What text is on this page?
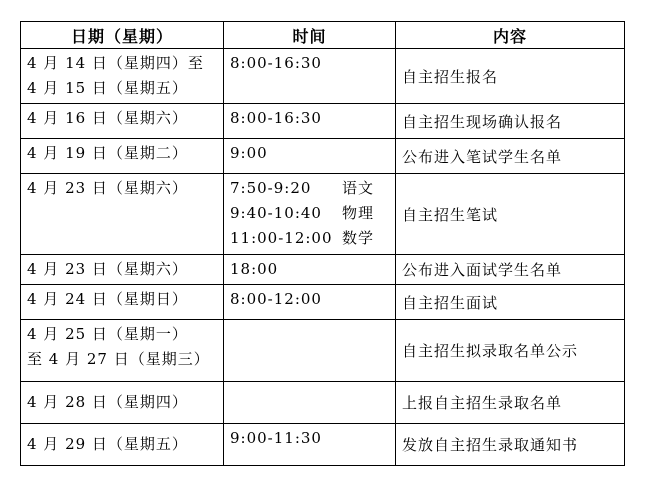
日期（星期）	时间	内容

4 月 14 日（星期四）至
4 月 15 日（星期五）	8:00-16:30	自主招生报名

4 月 16 日（星期六）	8:00-16:30	自主招生现场确认报名

4 月 19 日（星期二）	9:00	公布进入笔试学生名单

4 月 23 日（星期六）	7:50-9:20 语文
9:40-10:40 物理
11:00-12:00 数学	自主招生笔试

4 月 23 日（星期六）	18:00	公布进入面试学生名单

4 月 24 日（星期日）	8:00-12:00	自主招生面试

4 月 25 日（星期一）
至 4 月 27 日（星期三）		自主招生拟录取名单公示

4 月 28 日（星期四）		上报自主招生录取名单

4 月 29 日（星期五）	9:00-11:30	发放自主招生录取通知书
